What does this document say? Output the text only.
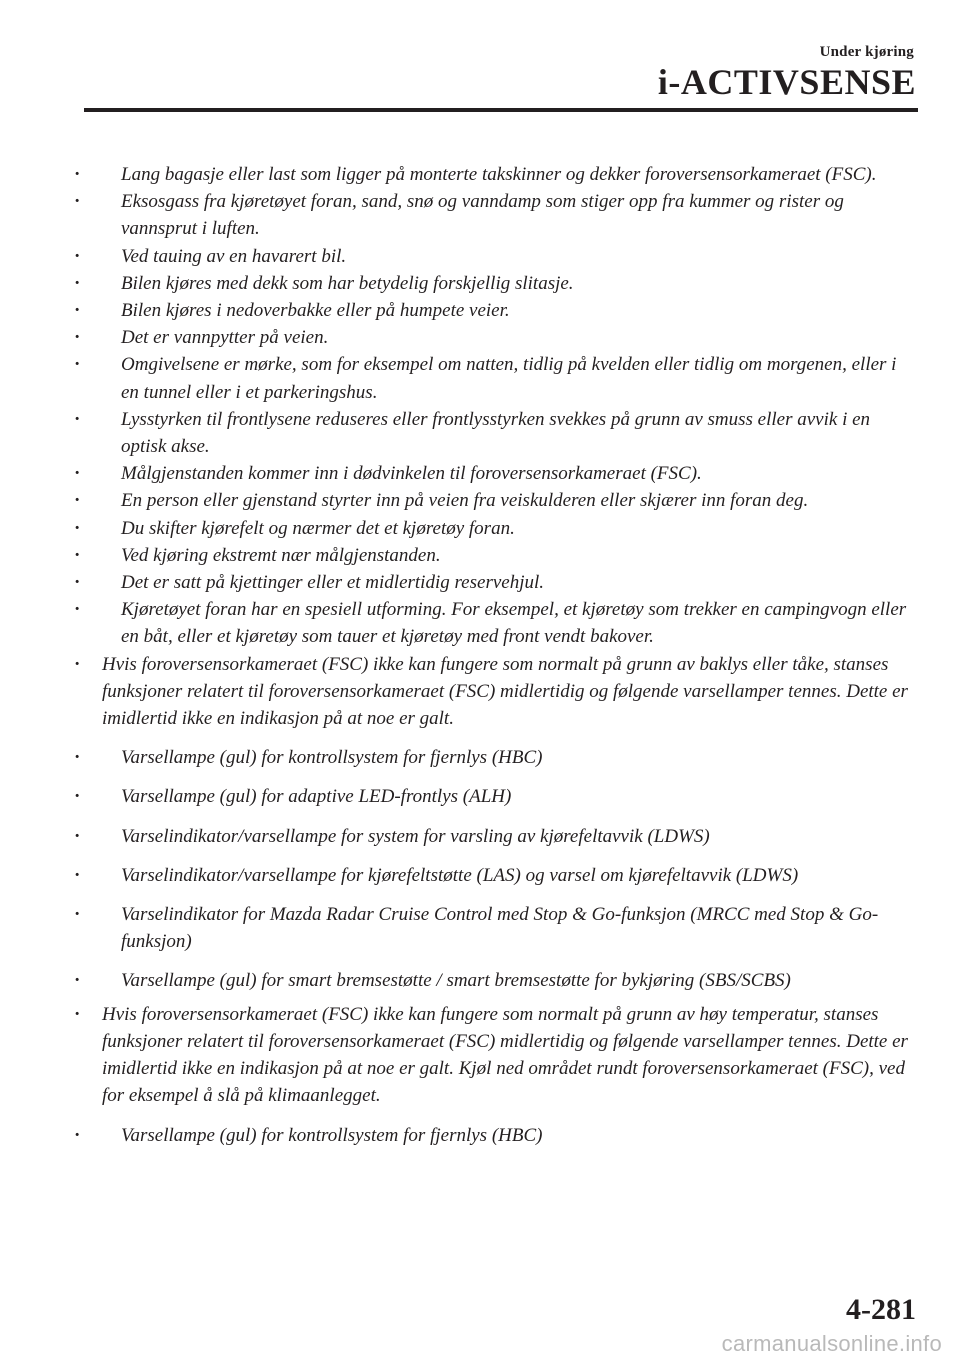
Under kjøring
i-ACTIVSENSE
· Lang bagasje eller last som ligger på monterte takskinner og dekker foroversensorkameraet (FSC).
· Eksosgass fra kjøretøyet foran, sand, snø og vanndamp som stiger opp fra kummer og rister og vannsprut i luften.
· Ved tauing av en havarert bil.
· Bilen kjøres med dekk som har betydelig forskjellig slitasje.
· Bilen kjøres i nedoverbakke eller på humpete veier.
· Det er vannpytter på veien.
· Omgivelsene er mørke, som for eksempel om natten, tidlig på kvelden eller tidlig om morgenen, eller i en tunnel eller i et parkeringshus.
· Lysstyrken til frontlysene reduseres eller frontlysstyrken svekkes på grunn av smuss eller avvik i en optisk akse.
· Målgjenstanden kommer inn i dødvinkelen til foroversensorkameraet (FSC).
· En person eller gjenstand styrter inn på veien fra veiskulderen eller skjærer inn foran deg.
· Du skifter kjørefelt og nærmer det et kjøretøy foran.
· Ved kjøring ekstremt nær målgjenstanden.
· Det er satt på kjettinger eller et midlertidig reservehjul.
· Kjøretøyet foran har en spesiell utforming. For eksempel, et kjøretøy som trekker en campingvogn eller en båt, eller et kjøretøy som tauer et kjøretøy med front vendt bakover.
· Hvis foroversensorkameraet (FSC) ikke kan fungere som normalt på grunn av baklys eller tåke, stanses funksjoner relatert til foroversensorkameraet (FSC) midlertidig og følgende varsellamper tennes. Dette er imidlertid ikke en indikasjon på at noe er galt.
· Varsellampe (gul) for kontrollsystem for fjernlys (HBC)
· Varsellampe (gul) for adaptive LED-frontlys (ALH)
· Varselindikator/varsellampe for system for varsling av kjørefeltavvik (LDWS)
· Varselindikator/varsellampe for kjørefeltstøtte (LAS) og varsel om kjørefeltavvik (LDWS)
· Varselindikator for Mazda Radar Cruise Control med Stop & Go-funksjon (MRCC med Stop & Go-funksjon)
· Varsellampe (gul) for smart bremsestøtte / smart bremsestøtte for bykjøring (SBS/SCBS)
· Hvis foroversensorkameraet (FSC) ikke kan fungere som normalt på grunn av høy temperatur, stanses funksjoner relatert til foroversensorkameraet (FSC) midlertidig og følgende varsellamper tennes. Dette er imidlertid ikke en indikasjon på at noe er galt. Kjøl ned området rundt foroversensorkameraet (FSC), ved for eksempel å slå på klimaanlegget.
· Varsellampe (gul) for kontrollsystem for fjernlys (HBC)
4-281
carmanualsonline.info
